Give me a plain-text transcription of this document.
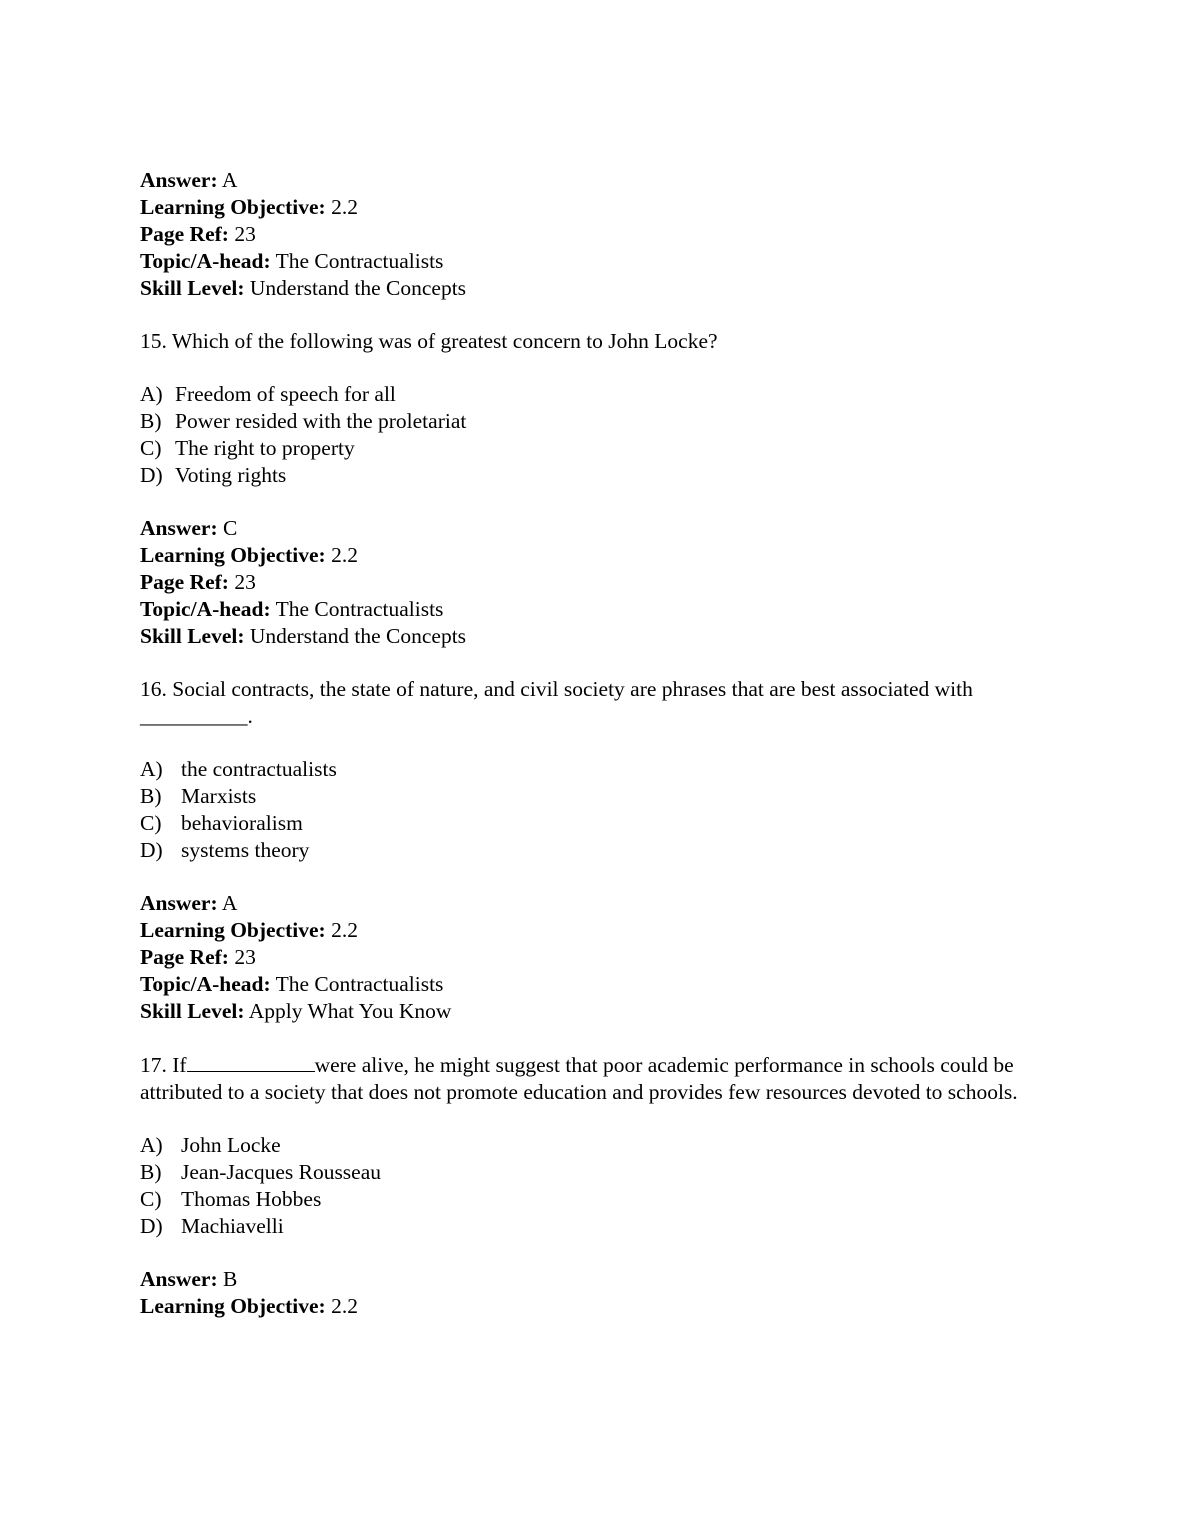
Answer: A
Learning Objective: 2.2
Page Ref: 23
Topic/A-head: The Contractualists
Skill Level: Understand the Concepts
15. Which of the following was of greatest concern to John Locke?
A) Freedom of speech for all
B) Power resided with the proletariat
C) The right to property
D) Voting rights
Answer: C
Learning Objective: 2.2
Page Ref: 23
Topic/A-head: The Contractualists
Skill Level: Understand the Concepts
16. Social contracts, the state of nature, and civil society are phrases that are best associated with
__________.
A) the contractualists
B) Marxists
C) behavioralism
D) systems theory
Answer: A
Learning Objective: 2.2
Page Ref: 23
Topic/A-head: The Contractualists
Skill Level: Apply What You Know
17. If	were alive, he might suggest that poor academic performance in schools could be attributed to a society that does not promote education and provides few resources devoted to schools.
A) John Locke
B) Jean-Jacques Rousseau
C) Thomas Hobbes
D) Machiavelli
Answer: B
Learning Objective: 2.2
